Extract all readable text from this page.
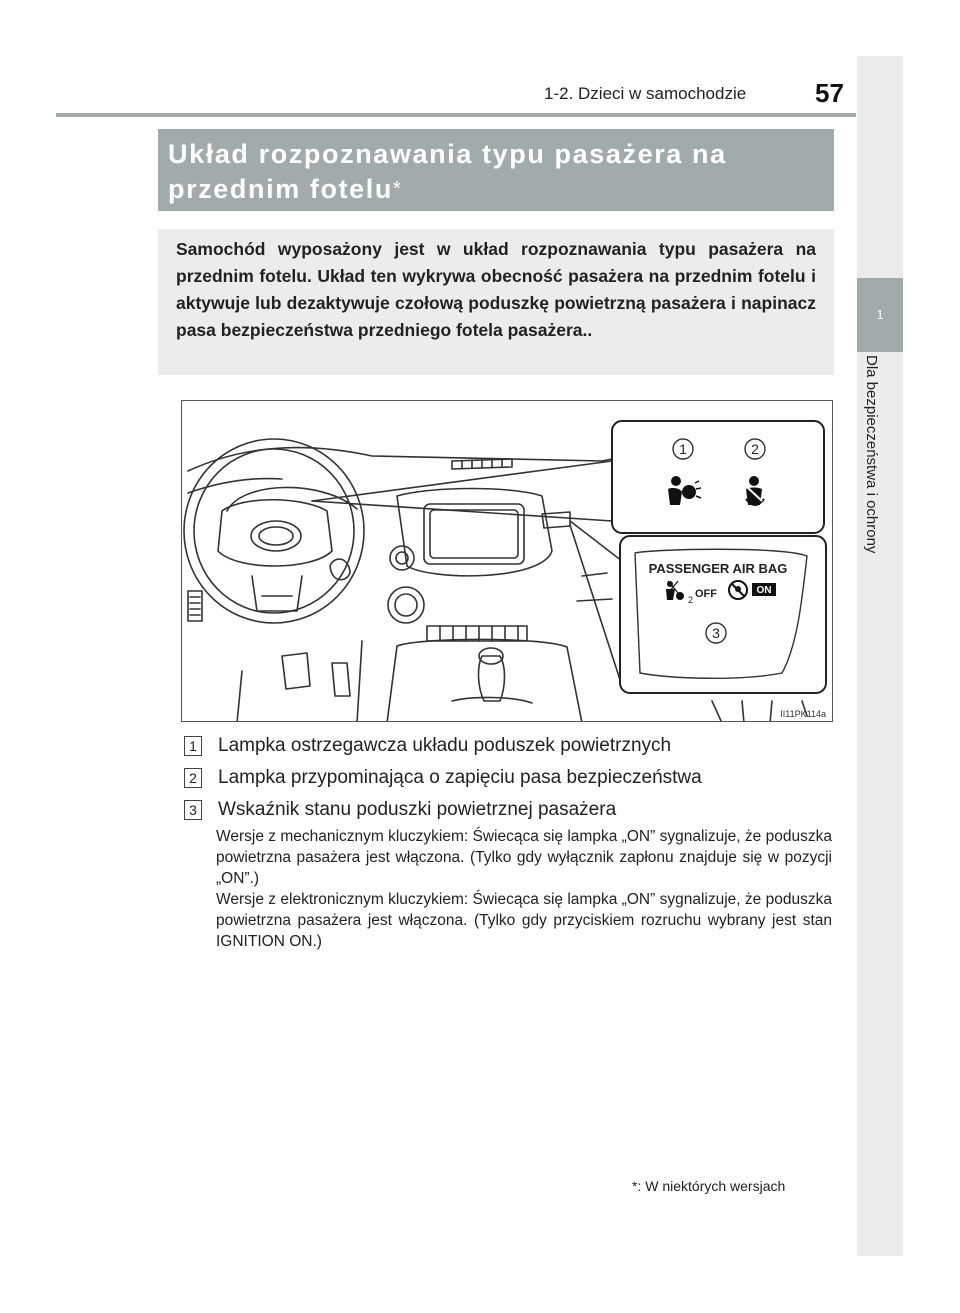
1
Dla bezpieczeństwa i ochrony
1-2. Dzieci w samochodzie	57
Układ rozpoznawania typu pasażera na przednim fotelu*
Samochód wyposażony jest w układ rozpoznawania typu pasażera na przednim fotelu. Układ ten wykrywa obecność pasażera na przednim fotelu i aktywuje lub dezaktywuje czołową poduszkę powietrzną pasażera i napinacz pasa bezpieczeństwa przedniego fotela pasażera..
1	2
3
PASSENGER AIR BAG
2 OFF	ON
II11PK114a
1 Lampka ostrzegawcza układu poduszek powietrznych
2 Lampka przypominająca o zapięciu pasa bezpieczeństwa
3 Wskaźnik stanu poduszki powietrznej pasażera

Wersje z mechanicznym kluczykiem: Świecąca się lampka „ON” sygnalizuje, że poduszka powietrzna pasażera jest włączona. (Tylko gdy wyłącznik zapłonu znajduje się w pozycji „ON”.)

Wersje z elektronicznym kluczykiem: Świecąca się lampka „ON” sygnalizuje, że poduszka powietrzna pasażera jest włączona. (Tylko gdy przyciskiem rozruchu wybrany jest stan IGNITION ON.)

*: W niektórych wersjach
